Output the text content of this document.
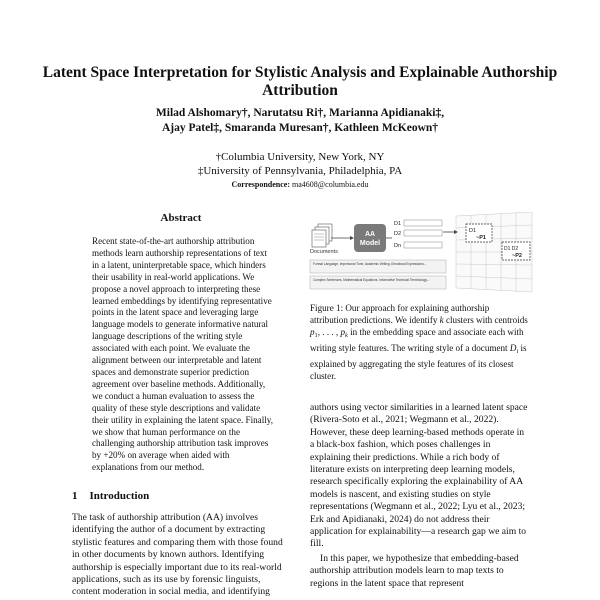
Latent Space Interpretation for Stylistic Analysis and Explainable Authorship Attribution
Milad Alshomary†, Narutatsu Ri†, Marianna Apidianaki‡,
Ajay Patel‡, Smaranda Muresan†, Kathleen McKeown†
†Columbia University, New York, NY
‡University of Pennsylvania, Philadelphia, PA
Correspondence: ma4608@columbia.edu
Abstract

Recent state-of-the-art authorship attribution methods learn authorship representations of text in a latent, uninterpretable space, which hinders their usability in real-world applications. We propose a novel approach to interpreting these learned embeddings by identifying representative points in the latent space and leveraging large language models to generate informative natural language descriptions of the writing style associated with each point. We evaluate the alignment between our interpretable and latent spaces and demonstrate superior prediction agreement over baseline methods. Additionally, we conduct a human evaluation to assess the quality of these style descriptions and validate their utility in explaining the latent space. Finally, we show that human performance on the challenging authorship attribution task improves by +20% on average when aided with explanations from our method.

1 Introduction

The task of authorship attribution (AA) involves identifying the author of a document by extracting stylistic features and comparing them with those found in other documents by known authors. Identifying authorship is especially important due to its real-world applications, such as its use by forensic linguists, content moderation in social media, and identifying

Documents
AA
Model
D1
D2
Dn
Formal Language, Impersonal Tone, Academic Writing, Emotional Expressions...
Complex Sentences, Mathematical Equations, Informative Technical Terminology...
D1
~P1
D1 D2
~P2

Figure 1: Our approach for explaining authorship attribution predictions. We identify k clusters with centroids $p_1$, . . . , $p_k$ in the embedding space and associate each with writing style features. The writing style of a document $D_i$ is explained by aggregating the style features of its closest cluster.

authors using vector similarities in a learned latent space (Rivera-Soto et al., 2021; Wegmann et al., 2022). However, these deep learning-based methods operate in a black-box fashion, which poses challenges in explaining their predictions. While a rich body of literature exists on interpreting deep learning models, research specifically exploring the explainability of AA models is nascent, and existing studies on style representations (Wegmann et al., 2022; Lyu et al., 2023; Erk and Apidianaki, 2024) do not address their application for explainability—a research gap we aim to fill.
In this paper, we hypothesize that embedding-based authorship attribution models learn to map texts to regions in the latent space that represent
